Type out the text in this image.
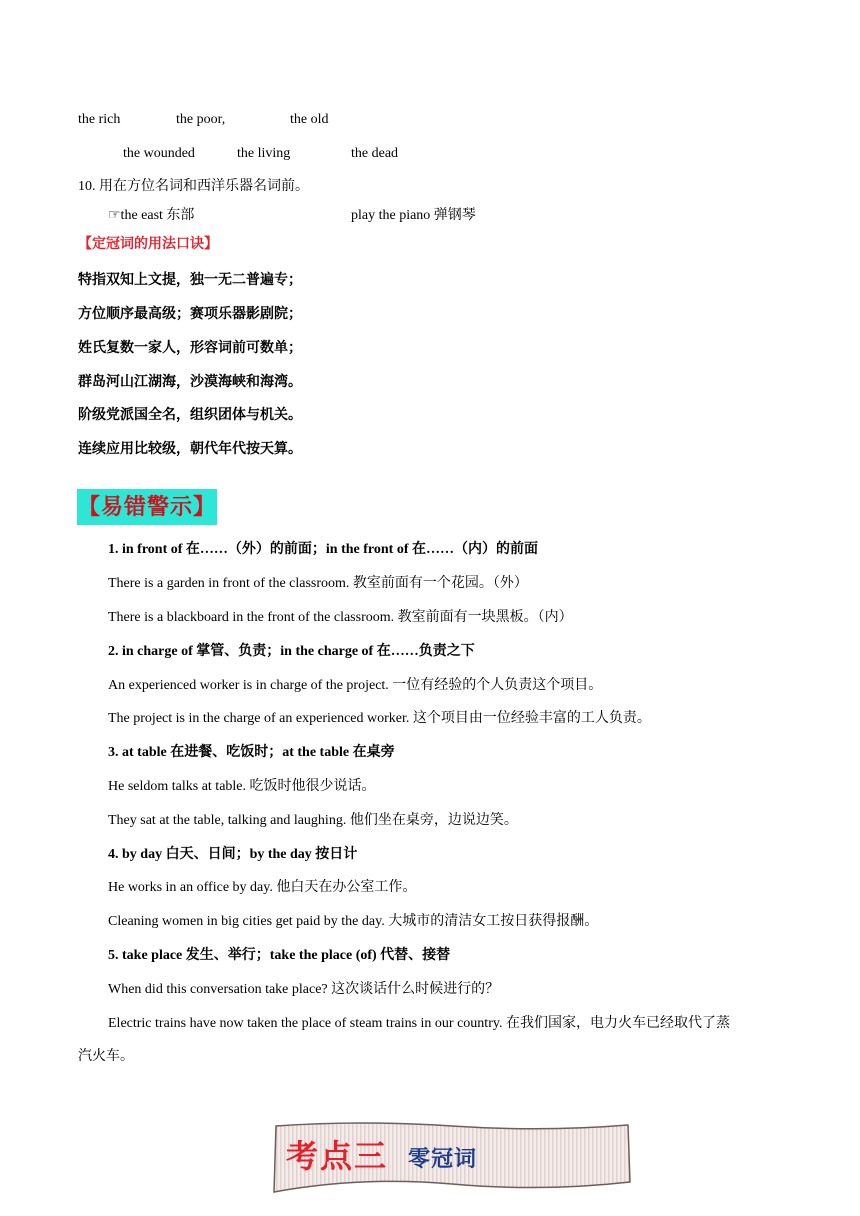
the rich	the poor,	the old
the wounded	the living	the dead
10. 用在方位名词和西洋乐器名词前。
☞the east 东部	play the piano 弹钢琴
【定冠词的用法口诀】
特指双知上文提，独一无二普遍专；
方位顺序最高级；赛项乐器影剧院；
姓氏复数一家人，形容词前可数单；
群岛河山江湖海，沙漠海峡和海湾。
阶级党派国全名，组织团体与机关。
连续应用比较级，朝代年代按天算。
【易错警示】
1. in front of 在……（外）的前面；in the front of 在……（内）的前面
There is a garden in front of the classroom. 教室前面有一个花园。（外）
There is a blackboard in the front of the classroom. 教室前面有一块黑板。（内）
2. in charge of 掌管、负责；in the charge of 在……负责之下
An experienced worker is in charge of the project. 一位有经验的个人负责这个项目。
The project is in the charge of an experienced worker. 这个项目由一位经验丰富的工人负责。
3. at table 在进餐、吃饭时；at the table 在桌旁
He seldom talks at table. 吃饭时他很少说话。
They sat at the table, talking and laughing. 他们坐在桌旁，边说边笑。
4. by day 白天、日间；by the day 按日计
He works in an office by day. 他白天在办公室工作。
Cleaning women in big cities get paid by the day. 大城市的清洁女工按日获得报酬。
5. take place 发生、举行；take the place (of) 代替、接替
When did this conversation take place? 这次谈话什么时候进行的？
Electric trains have now taken the place of steam trains in our country. 在我们国家，电力火车已经取代了蒸
汽火车。
考点三 零冠词
